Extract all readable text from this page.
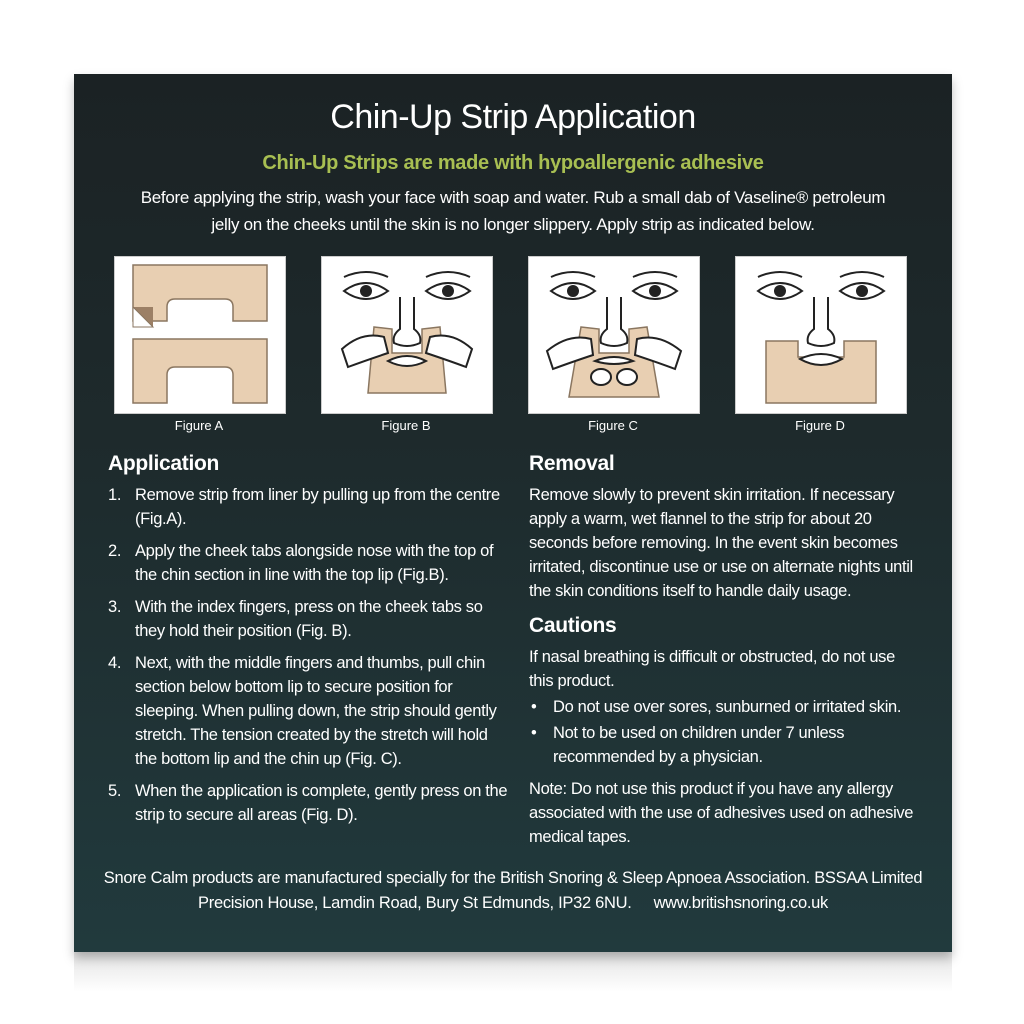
Chin-Up Strip Application
Chin-Up Strips are made with hypoallergenic adhesive
Before applying the strip, wash your face with soap and water. Rub a small dab of Vaseline® petroleum
jelly on the cheeks until the skin is no longer slippery. Apply strip as indicated below.
Figure A	Figure B	Figure C	Figure D
Application
1. Remove strip from liner by pulling up from the centre (Fig.A).
2. Apply the cheek tabs alongside nose with the top of the chin section in line with the top lip (Fig.B).
3. With the index fingers, press on the cheek tabs so they hold their position (Fig. B).
4. Next, with the middle fingers and thumbs, pull chin section below bottom lip to secure position for sleeping. When pulling down, the strip should gently stretch. The tension created by the stretch will hold the bottom lip and the chin up (Fig. C).
5. When the application is complete, gently press on the strip to secure all areas (Fig. D).
Removal
Remove slowly to prevent skin irritation. If necessary apply a warm, wet flannel to the strip for about 20 seconds before removing. In the event skin becomes irritated, discontinue use or use on alternate nights until the skin conditions itself to handle daily usage.
Cautions
If nasal breathing is difficult or obstructed, do not use this product.
•	Do not use over sores, sunburned or irritated skin.
•	Not to be used on children under 7 unless recommended by a physician.
Note: Do not use this product if you have any allergy associated with the use of adhesives used on adhesive medical tapes.
Snore Calm products are manufactured specially for the British Snoring & Sleep Apnoea Association. BSSAA Limited
Precision House, Lamdin Road, Bury St Edmunds, IP32 6NU. www.britishsnoring.co.uk
